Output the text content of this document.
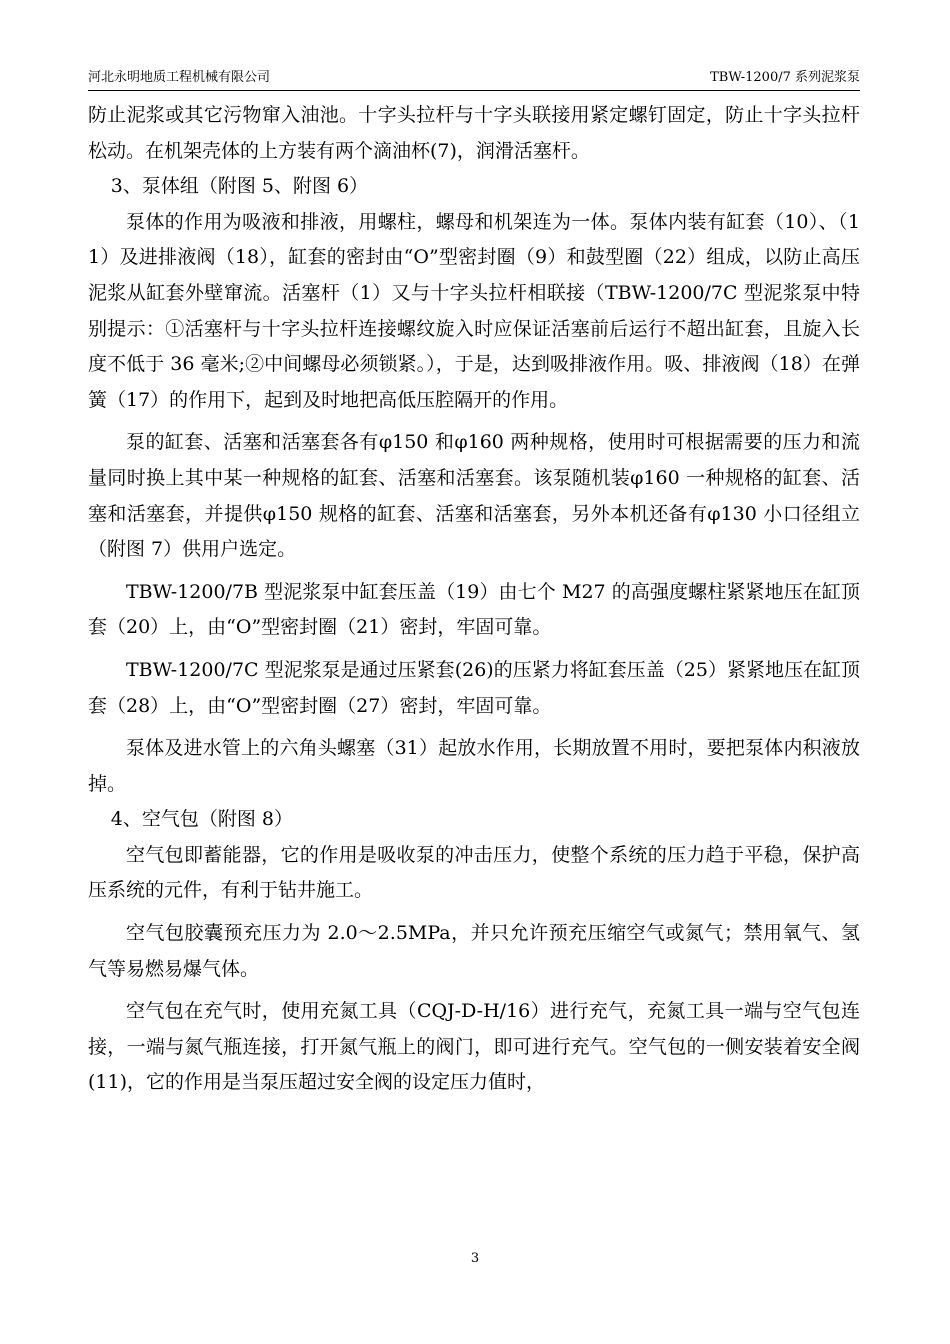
河北永明地质工程机械有限公司	TBW-1200/7 系列泥浆泵

防止泥浆或其它污物窜入油池。十字头拉杆与十字头联接用紧定螺钉固定，防止十字头拉杆松动。在机架壳体的上方装有两个滴油杯(7)，润滑活塞杆。

3、泵体组（附图 5、附图 6）

泵体的作用为吸液和排液，用螺柱，螺母和机架连为一体。泵体内装有缸套（10）、（11）及进排液阀（18），缸套的密封由“O”型密封圈（9）和鼓型圈（22）组成，以防止高压泥浆从缸套外壁窜流。活塞杆（1）又与十字头拉杆相联接（TBW-1200/7C 型泥浆泵中特别提示：①活塞杆与十字头拉杆连接螺纹旋入时应保证活塞前后运行不超出缸套，且旋入长度不低于 36 毫米;②中间螺母必须锁紧。），于是，达到吸排液作用。吸、排液阀（18）在弹簧（17）的作用下，起到及时地把高低压腔隔开的作用。

泵的缸套、活塞和活塞套各有φ150 和φ160 两种规格，使用时可根据需要的压力和流量同时换上其中某一种规格的缸套、活塞和活塞套。该泵随机装φ160 一种规格的缸套、活塞和活塞套，并提供φ150 规格的缸套、活塞和活塞套，另外本机还备有φ130 小口径组立（附图 7）供用户选定。

TBW-1200/7B 型泥浆泵中缸套压盖（19）由七个 M27 的高强度螺柱紧紧地压在缸顶套（20）上，由“O”型密封圈（21）密封，牢固可靠。

TBW-1200/7C 型泥浆泵是通过压紧套(26)的压紧力将缸套压盖（25）紧紧地压在缸顶套（28）上，由“O”型密封圈（27）密封，牢固可靠。

泵体及进水管上的六角头螺塞（31）起放水作用，长期放置不用时，要把泵体内积液放掉。

4、空气包（附图 8）

空气包即蓄能器，它的作用是吸收泵的冲击压力，使整个系统的压力趋于平稳，保护高压系统的元件，有利于钻井施工。

空气包胶囊预充压力为 2.0～2.5MPa，并只允许预充压缩空气或氮气；禁用氧气、氢气等易燃易爆气体。

空气包在充气时，使用充氮工具（CQJ-D-H/16）进行充气，充氮工具一端与空气包连接，一端与氮气瓶连接，打开氮气瓶上的阀门，即可进行充气。空气包的一侧安装着安全阀(11)，它的作用是当泵压超过安全阀的设定压力值时，

3
